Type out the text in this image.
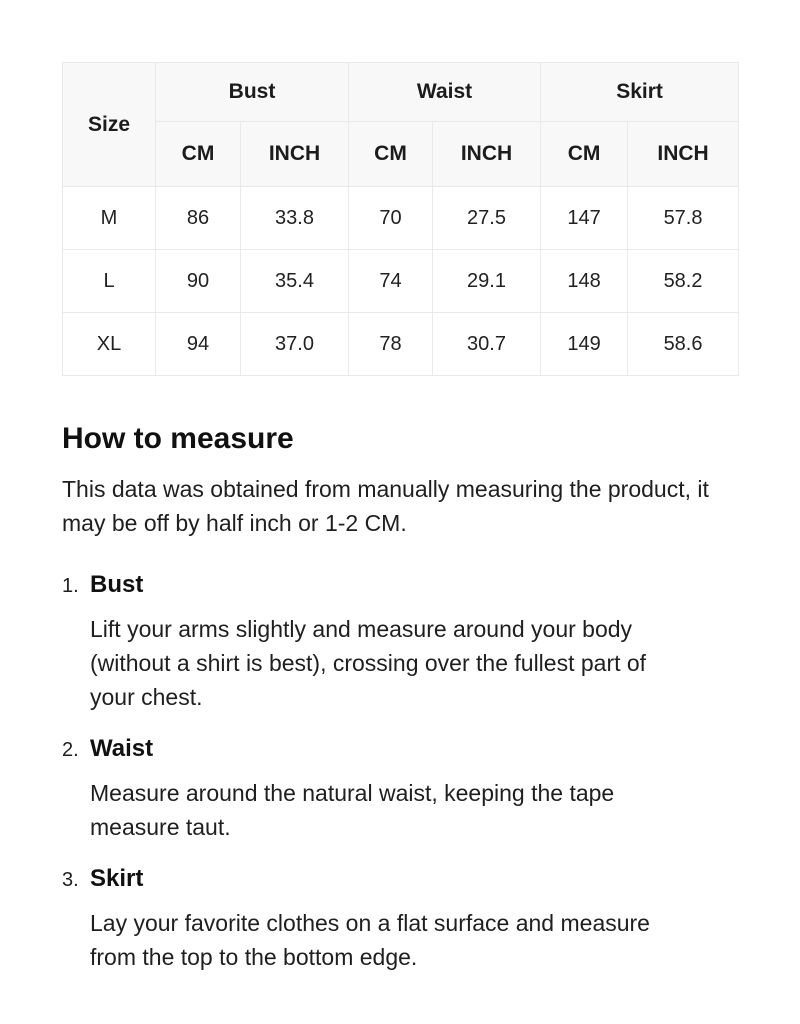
Size	Bust		Waist		Skirt	
	CM	INCH	CM	INCH	CM	INCH
M	86	33.8	70	27.5	147	57.8
L	90	35.4	74	29.1	148	58.2
XL	94	37.0	78	30.7	149	58.6
How to measure

This data was obtained from manually measuring the product, it may be off by half inch or 1-2 CM.

1. Bust

Lift your arms slightly and measure around your body (without a shirt is best), crossing over the fullest part of your chest.

2. Waist

Measure around the natural waist, keeping the tape measure taut.

3. Skirt

Lay your favorite clothes on a flat surface and measure from the top to the bottom edge.
